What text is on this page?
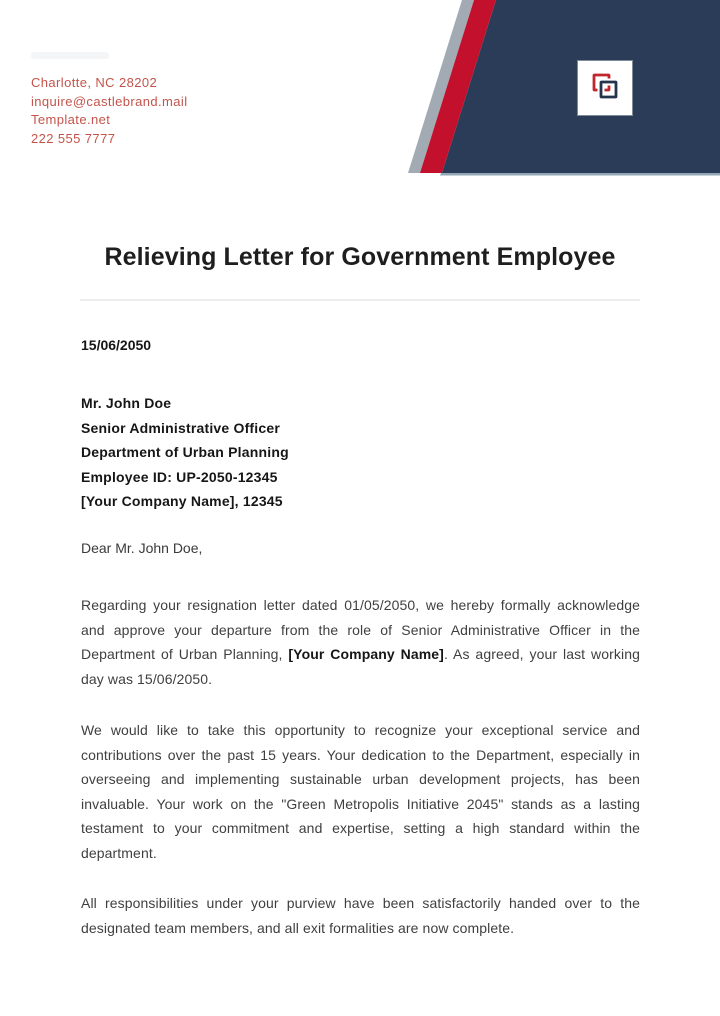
Charlotte, NC 28202
inquire@castlebrand.mail
Template.net
222 555 7777
Relieving Letter for Government Employee
15/06/2050
Mr. John Doe
Senior Administrative Officer
Department of Urban Planning
Employee ID: UP-2050-12345
[Your Company Name], 12345
Dear Mr. John Doe,

Regarding your resignation letter dated 01/05/2050, we hereby formally acknowledge and approve your departure from the role of Senior Administrative Officer in the Department of Urban Planning, [Your Company Name]. As agreed, your last working day was 15/06/2050.

We would like to take this opportunity to recognize your exceptional service and contributions over the past 15 years. Your dedication to the Department, especially in overseeing and implementing sustainable urban development projects, has been invaluable. Your work on the "Green Metropolis Initiative 2045" stands as a lasting testament to your commitment and expertise, setting a high standard within the department.

All responsibilities under your purview have been satisfactorily handed over to the designated team members, and all exit formalities are now complete.
